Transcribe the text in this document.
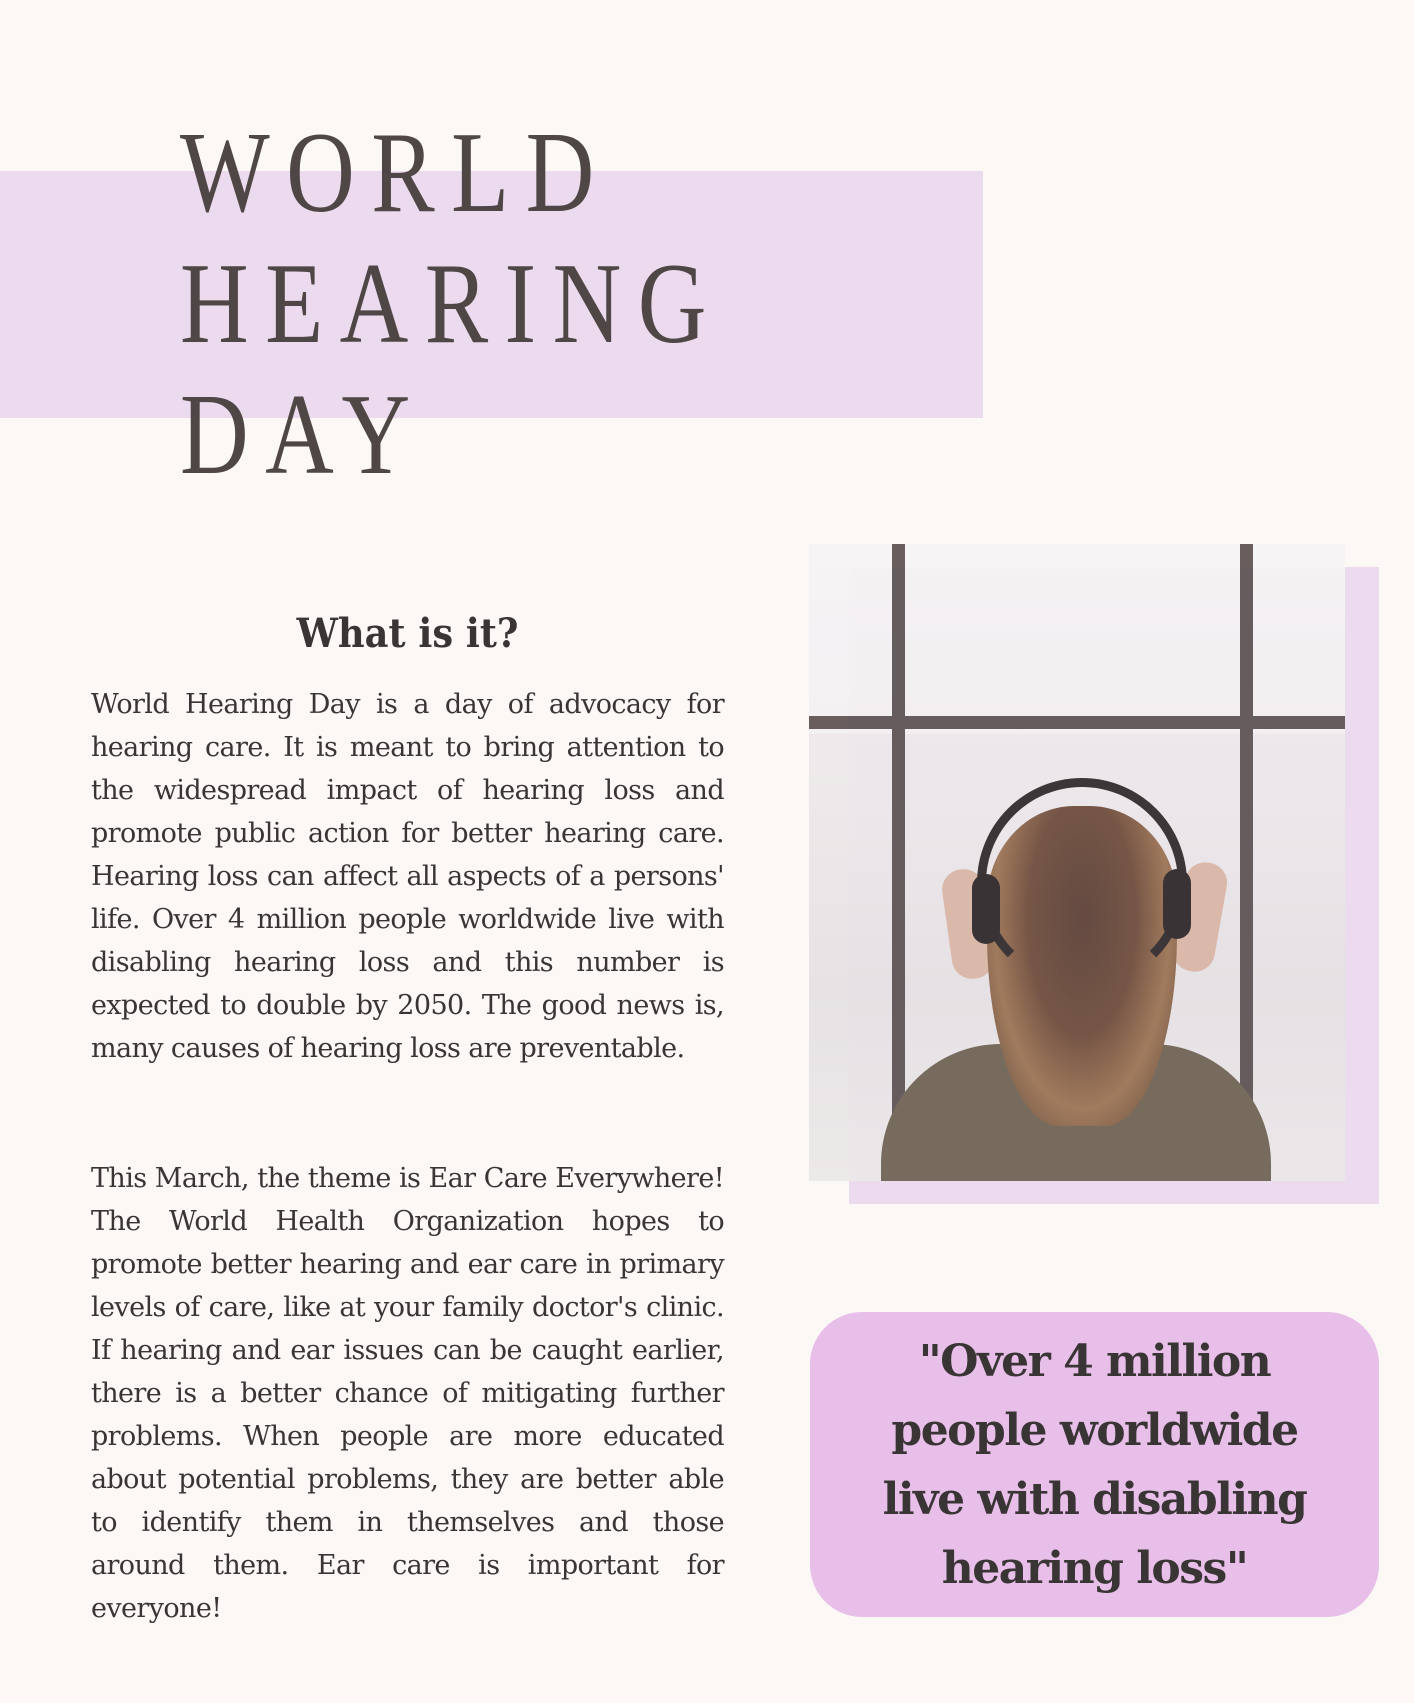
WORLD
HEARING
DAY
What is it?

World Hearing Day is a day of advocacy for hearing care. It is meant to bring attention to the widespread impact of hearing loss and promote public action for better hearing care. Hearing loss can affect all aspects of a persons' life. Over 4 million people worldwide live with disabling hearing loss and this number is expected to double by 2050. The good news is, many causes of hearing loss are preventable.

This March, the theme is Ear Care Everywhere! The World Health Organization hopes to promote better hearing and ear care in primary levels of care, like at your family doctor's clinic. If hearing and ear issues can be caught earlier, there is a better chance of mitigating further problems. When people are more educated about potential problems, they are better able to identify them in themselves and those around them. Ear care is important for everyone!

"Over 4 million people worldwide live with disabling hearing loss"
